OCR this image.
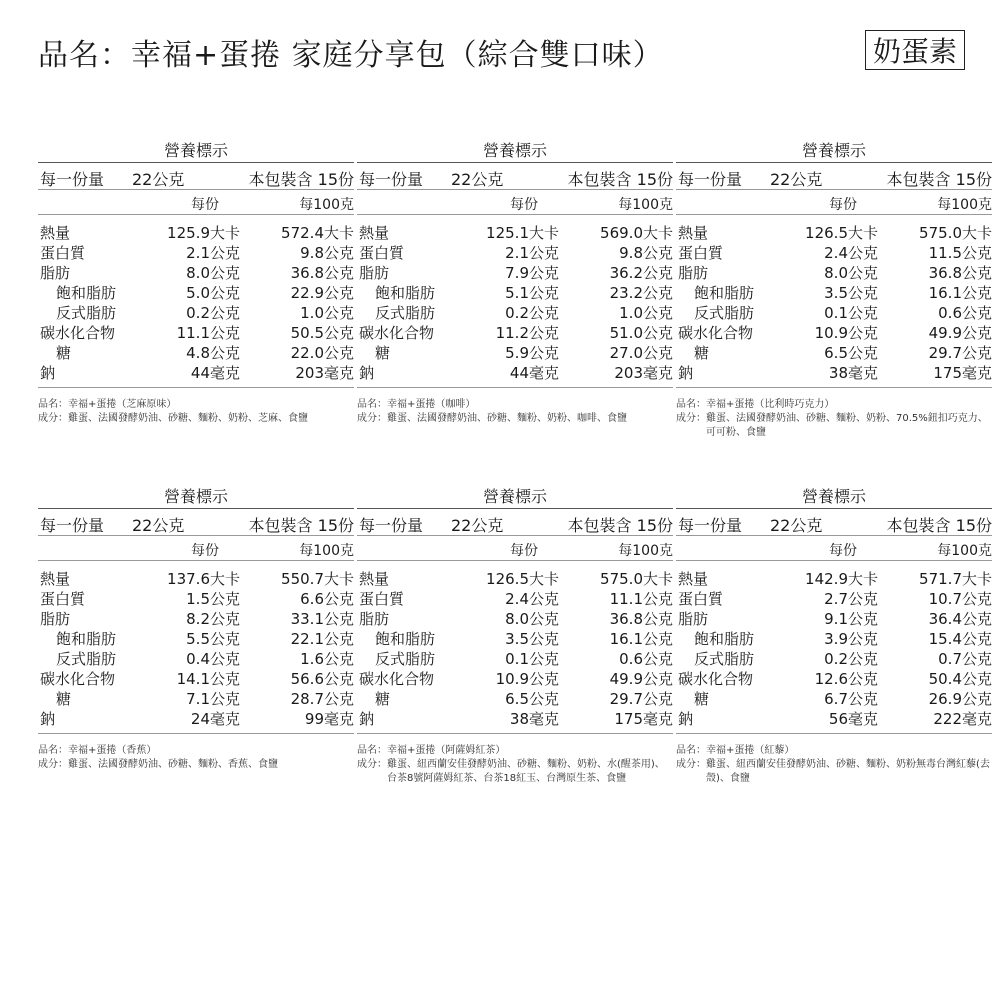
品名：幸福+蛋捲 家庭分享包（綜合雙口味）	奶蛋素
營養標示
每一份量 22公克	本包裝含 15份
每份	每100克
熱量	125.9大卡	572.4大卡
蛋白質	2.1公克	9.8公克
脂肪	8.0公克	36.8公克
飽和脂肪	5.0公克	22.9公克
反式脂肪	0.2公克	1.0公克
碳水化合物	11.1公克	50.5公克
糖	4.8公克	22.0公克
鈉	44毫克	203毫克
品名： 幸福+蛋捲（芝麻原味）
成分： 雞蛋、法國發酵奶油、砂糖、麵粉、奶粉、芝麻、食鹽
營養標示
每一份量 22公克	本包裝含 15份
每份	每100克
熱量	125.1大卡	569.0大卡
蛋白質	2.1公克	9.8公克
脂肪	7.9公克	36.2公克
飽和脂肪	5.1公克	23.2公克
反式脂肪	0.2公克	1.0公克
碳水化合物	11.2公克	51.0公克
糖	5.9公克	27.0公克
鈉	44毫克	203毫克
品名： 幸福+蛋捲（咖啡）
成分： 雞蛋、法國發酵奶油、砂糖、麵粉、奶粉、咖啡、食鹽
營養標示
每一份量 22公克	本包裝含 15份
每份	每100克
熱量	126.5大卡	575.0大卡
蛋白質	2.4公克	11.5公克
脂肪	8.0公克	36.8公克
飽和脂肪	3.5公克	16.1公克
反式脂肪	0.1公克	0.6公克
碳水化合物	10.9公克	49.9公克
糖	6.5公克	29.7公克
鈉	38毫克	175毫克
品名： 幸福+蛋捲（比利時巧克力）
成分： 雞蛋、法國發酵奶油、砂糖、麵粉、奶粉、70.5%鈕扣巧克力、可可粉、食鹽
營養標示
每一份量 22公克	本包裝含 15份
每份	每100克
熱量	137.6大卡	550.7大卡
蛋白質	1.5公克	6.6公克
脂肪	8.2公克	33.1公克
飽和脂肪	5.5公克	22.1公克
反式脂肪	0.4公克	1.6公克
碳水化合物	14.1公克	56.6公克
糖	7.1公克	28.7公克
鈉	24毫克	99毫克
品名： 幸福+蛋捲（香蕉）
成分： 雞蛋、法國發酵奶油、砂糖、麵粉、香蕉、食鹽
營養標示
每一份量 22公克	本包裝含 15份
每份	每100克
熱量	126.5大卡	575.0大卡
蛋白質	2.4公克	11.1公克
脂肪	8.0公克	36.8公克
飽和脂肪	3.5公克	16.1公克
反式脂肪	0.1公克	0.6公克
碳水化合物	10.9公克	49.9公克
糖	6.5公克	29.7公克
鈉	38毫克	175毫克
品名： 幸福+蛋捲（阿薩姆紅茶）
成分： 雞蛋、紐西蘭安佳發酵奶油、砂糖、麵粉、奶粉、水(醒茶用)、台茶8號阿薩姆紅茶、台茶18紅玉、台灣原生茶、食鹽
營養標示
每一份量 22公克	本包裝含 15份
每份	每100克
熱量	142.9大卡	571.7大卡
蛋白質	2.7公克	10.7公克
脂肪	9.1公克	36.4公克
飽和脂肪	3.9公克	15.4公克
反式脂肪	0.2公克	0.7公克
碳水化合物	12.6公克	50.4公克
糖	6.7公克	26.9公克
鈉	56毫克	222毫克
品名： 幸福+蛋捲（紅藜）
成分： 雞蛋、紐西蘭安佳發酵奶油、砂糖、麵粉、奶粉無毒台灣紅藜(去殼)、食鹽
